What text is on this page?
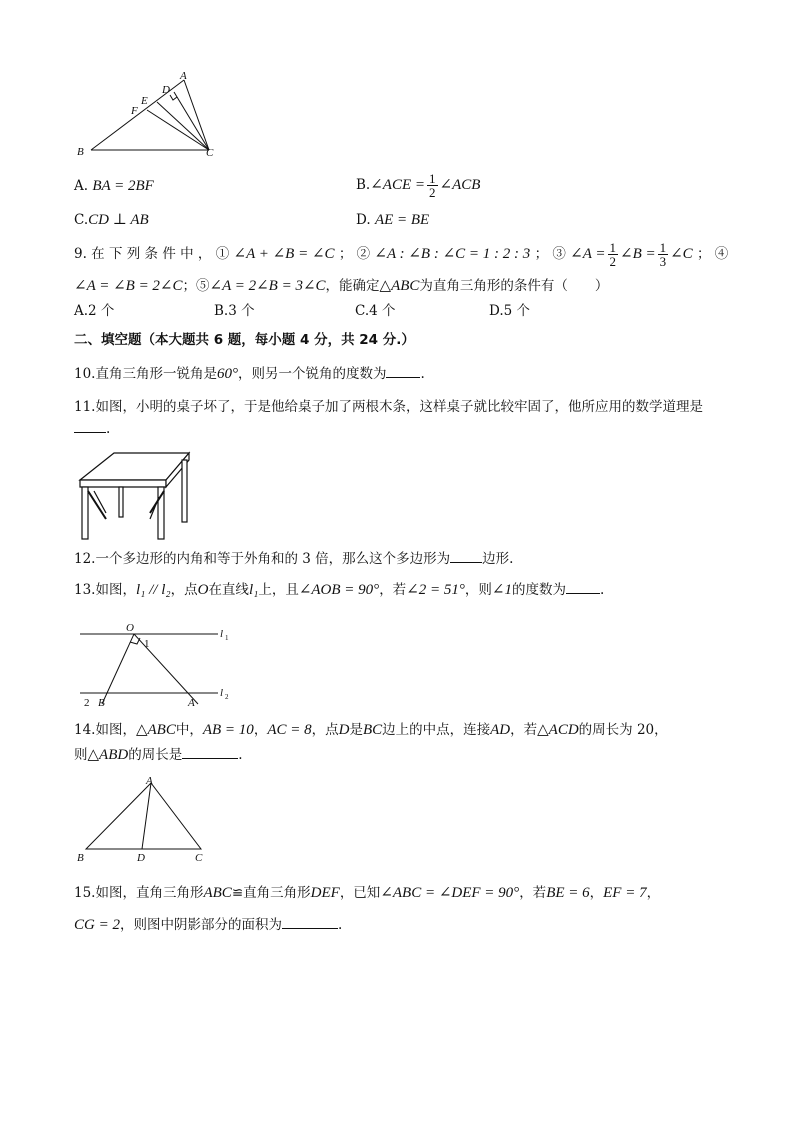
A
D
E
F
B	C
A. BA = 2BF	B.∠ACE = $\frac{1}{2}$ ∠ACB
C.CD ⊥ AB	D. AE = BE
9. 在 下 列 条 件 中 ， ① ∠A + ∠B = ∠C ； ② ∠A : ∠B : ∠C = 1 : 2 : 3 ； ③ ∠A = $\frac{1}{2}$ ∠B = $\frac{1}{3}$ ∠C ； ④
∠A = ∠B = 2∠C；⑤∠A = 2∠B = 3∠C，能确定△ABC为直角三角形的条件有（　　）
A.2 个	B.3 个	C.4 个	D.5 个
二、填空题（本大题共 6 题，每小题 4 分，共 24 分.）
10.直角三角形一锐角是60°，则另一个锐角的度数为	.
11.如图，小明的桌子坏了，于是他给桌子加了两根木条，这样桌子就比较牢固了，他所应用的数学道理是
.
12.一个多边形的内角和等于外角和的 3 倍，那么这个多边形为 边形.
13.如图，l₁ // l₂，点O在直线l₁上，且∠AOB = 90°，若∠2 = 51°，则∠1的度数为	.
O	l 1
l 2
1
2 B	A
14.如图，△ABC中，AB = 10，AC = 8，点D是BC边上的中点，连接AD，若△ACD的周长为 20，
则△ABD的周长是	.
A
B	D	C
15.如图，直角三角形ABC≌直角三角形DEF，已知∠ABC = ∠DEF = 90°，若BE = 6，EF = 7，
CG = 2，则图中阴影部分的面积为	.
